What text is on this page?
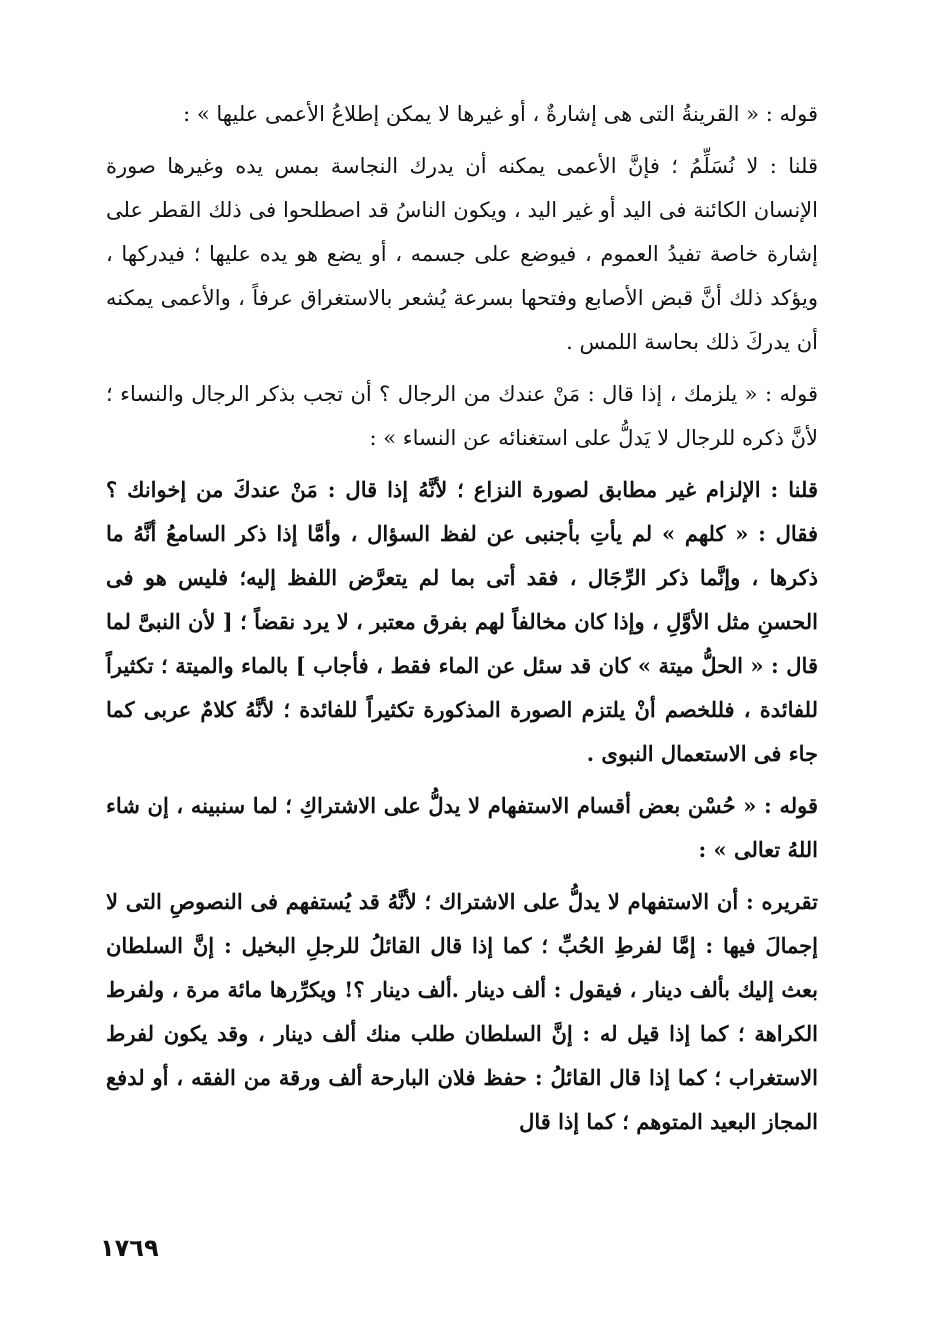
قوله : « القرينةُ التى هى إشارةٌ ، أو غيرها لا يمكن إطلاعُ الأعمى عليها » :

قلنا : لا نُسَلِّمُ ؛ فإنَّ الأعمى يمكنه أن يدرك النجاسة بمس يده وغيرها صورة الإنسان الكائنة فى اليد أو غير اليد ، ويكون الناسُ قد اصطلحوا فى ذلك القطر على إشارة خاصة تفيدُ العموم ، فيوضع على جسمه ، أو يضع هو يده عليها ؛ فيدركها ، ويؤكد ذلك أنَّ قبض الأصابع وفتحها بسرعة يُشعر بالاستغراق عرفاً ، والأعمى يمكنه أن يدركَ ذلك بحاسة اللمس .

قوله : « يلزمك ، إذا قال : مَنْ عندك من الرجال ؟ أن تجب بذكر الرجال والنساء ؛ لأنَّ ذكره للرجال لا يَدلُّ على استغنائه عن النساء » :

قلنا : الإلزام غير مطابق لصورة النزاع ؛ لأنَّهُ إذا قال : مَنْ عندكَ من إخوانك ؟ فقال : « كلهم » لم يأتِ بأجنبى عن لفظ السؤال ، وأمَّا إذا ذكر السامعُ أنَّهُ ما ذكرها ، وإنَّما ذكر الرِّجَال ، فقد أتى بما لم يتعرَّض اللفظ إليه؛ فليس هو فى الحسنِ مثل الأوَّلِ ، وإذا كان مخالفاً لهم بفرق معتبر ، لا يرد نقضاً ؛ [ لأن النبىَّ لما قال : « الحلُّ ميتة » كان قد سئل عن الماء فقط ، فأجاب ] بالماء والميتة ؛ تكثيراً للفائدة ، فللخصم أنْ يلتزم الصورة المذكورة تكثيراً للفائدة ؛ لأنَّهُ كلامٌ عربى كما جاء فى الاستعمال النبوى .

قوله : « حُسْن بعض أقسام الاستفهام لا يدلُّ على الاشتراكِ ؛ لما سنبينه ، إن شاء اللهُ تعالى » :

تقريره : أن الاستفهام لا يدلُّ على الاشتراك ؛ لأنَّهُ قد يُستفهم فى النصوصِ التى لا إجمالَ فيها : إمَّا لفرطِ الحُبِّ ؛ كما إذا قال القائلُ للرجلِ البخيل : إنَّ السلطان بعث إليك بألف دينار ، فيقول : ألف دينار .ألف دينار ؟! ويكرِّرها مائة مرة ، ولفرط الكراهة ؛ كما إذا قيل له : إنَّ السلطان طلب منك ألف دينار ، وقد يكون لفرط الاستغراب ؛ كما إذا قال القائلُ : حفظ فلان البارحة ألف ورقة من الفقه ، أو لدفع المجاز البعيد المتوهم ؛ كما إذا قال

١٧٦٩
